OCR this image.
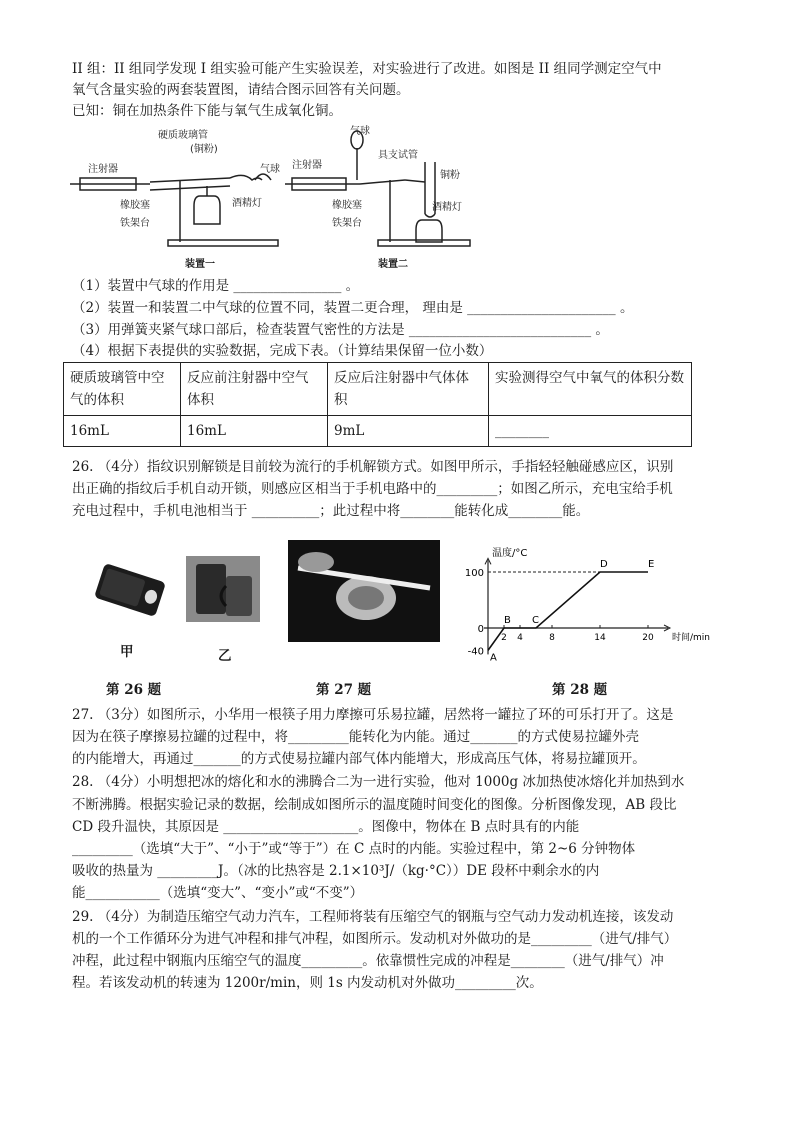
II 组：II 组同学发现 I 组实验可能产生实验误差，对实验进行了改进。如图是 II 组同学测定空气中
氧气含量实验的两套装置图，请结合图示回答有关问题。
已知：铜在加热条件下能与氧气生成氧化铜。
注射器
硬质玻璃管
(铜粉)
气球
橡胶塞
铁架台
酒精灯
装置一
注射器
气球
具支试管
铜粉
橡胶塞
铁架台
酒精灯
装置二
（1）装置中气球的作用是 ________________ 。
（2）装置一和装置二中气球的位置不同，装置二更合理， 理由是 ______________________ 。
（3）用弹簧夹紧气球口部后，检查装置气密性的方法是 ___________________________ 。
（4）根据下表提供的实验数据，完成下表。（计算结果保留一位小数）
硬质玻璃管中空气的体积	反应前注射器中空气体积	反应后注射器中气体体积	实验测得空气中氧气的体积分数
16mL	16mL	9mL	________
26. （4分）指纹识别解锁是目前较为流行的手机解锁方式。如图甲所示，手指轻轻触碰感应区，识别
出正确的指纹后手机自动开锁，则感应区相当于手机电路中的_________；如图乙所示，充电宝给手机
充电过程中，手机电池相当于 __________；此过程中将________能转化成________能。
甲	乙
温度/°C
时间/min
100
0
-40
2 4	8	14	20
A
B C
D	E
第 26 题	第 27 题	第 28 题
27. （3分）如图所示，小华用一根筷子用力摩擦可乐易拉罐，居然将一罐拉了环的可乐打开了。这是
因为在筷子摩擦易拉罐的过程中，将_________能转化为内能。通过_______的方式使易拉罐外壳
的内能增大，再通过_______的方式使易拉罐内部气体内能增大，形成高压气体，将易拉罐顶开。
28. （4分）小明想把冰的熔化和水的沸腾合二为一进行实验，他对 1000g 冰加热使冰熔化并加热到水
不断沸腾。根据实验记录的数据，绘制成如图所示的温度随时间变化的图像。分析图像发现，AB 段比
CD 段升温快，其原因是 ____________________。图像中，物体在 B 点时具有的内能
_________（选填“大于”、“小于”或“等于”）在 C 点时的内能。实验过程中，第 2~6 分钟物体
吸收的热量为 _________J。（冰的比热容是 2.1×10³J/（kg·°C））DE 段杯中剩余水的内
能___________（选填“变大”、“变小”或“不变”）
29. （4分）为制造压缩空气动力汽车，工程师将装有压缩空气的钢瓶与空气动力发动机连接，该发动
机的一个工作循环分为进气冲程和排气冲程，如图所示。发动机对外做功的是_________（进气/排气）
冲程，此过程中钢瓶内压缩空气的温度_________。依靠惯性完成的冲程是________（进气/排气）冲
程。若该发动机的转速为 1200r/min，则 1s 内发动机对外做功_________次。
